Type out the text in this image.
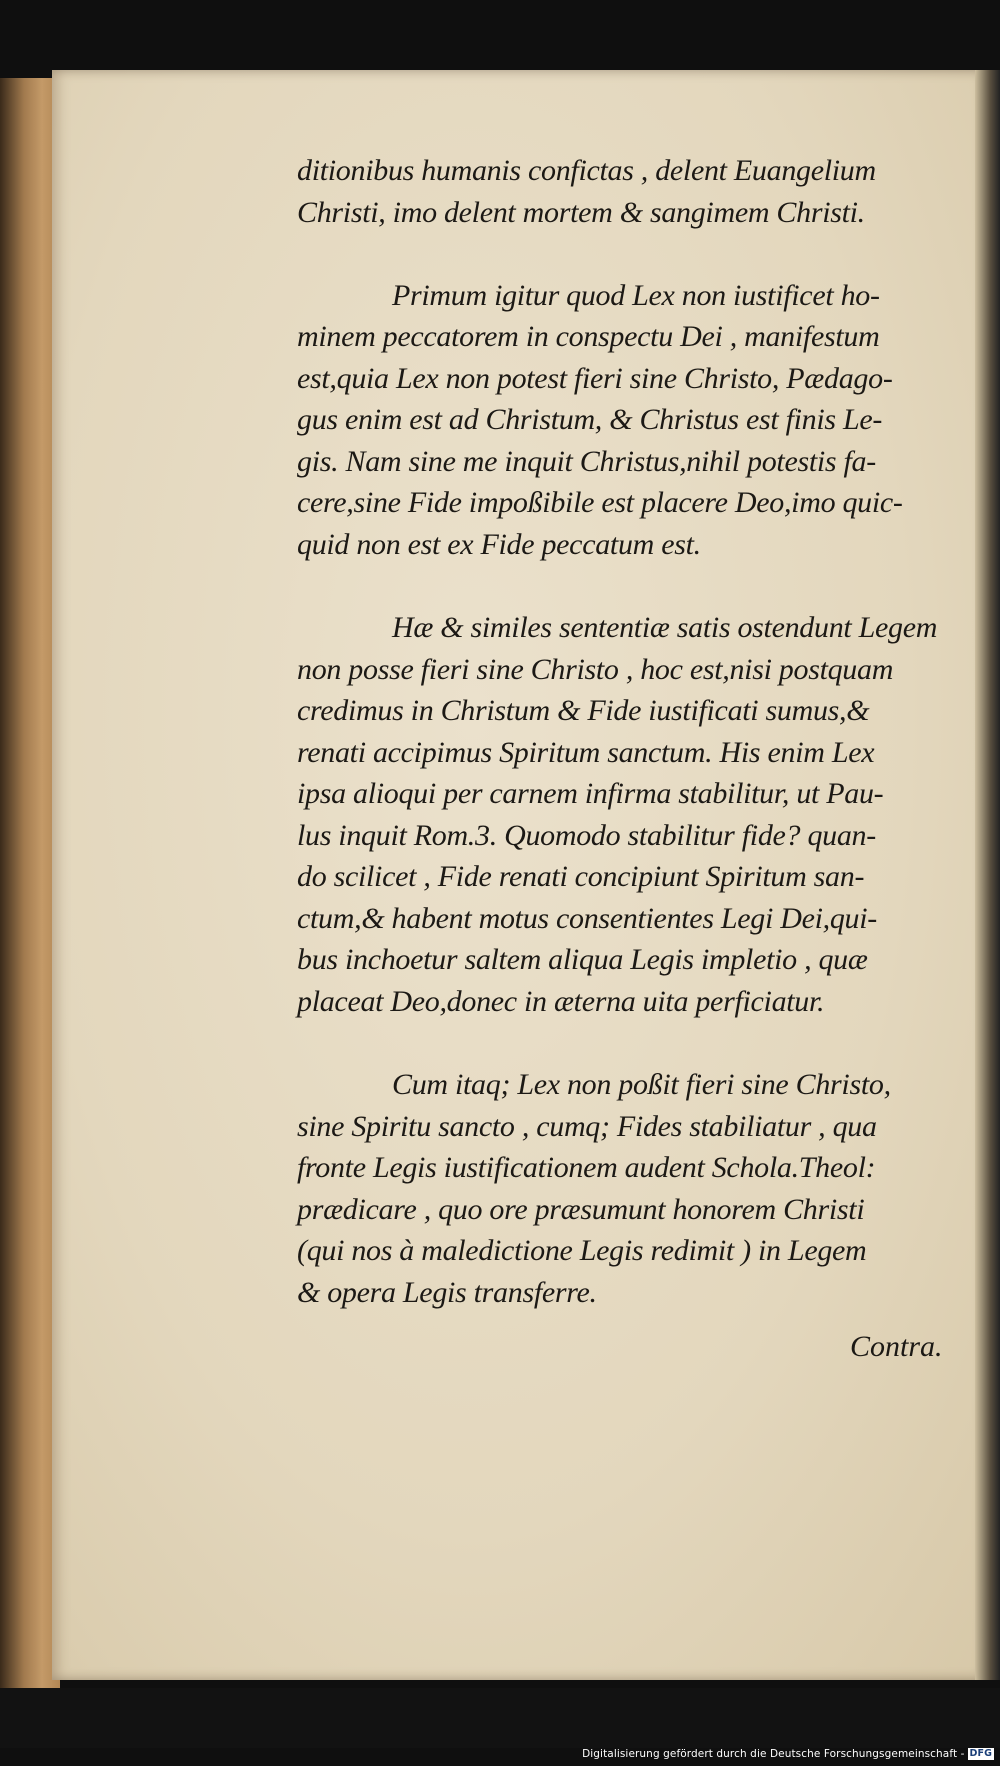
ditionibus humanis confictas , delent Euangelium
Christi, imo delent mortem & sangimem Christi.
Primum igitur quod Lex non iustificet ho-
minem peccatorem in conspectu Dei , manifestum
est,quia Lex non potest fieri sine Christo, Pædago-
gus enim est ad Christum, & Christus est finis Le-
gis. Nam sine me inquit Christus,nihil potestis fa-
cere,sine Fide impoßibile est placere Deo,imo quic-
quid non est ex Fide peccatum est.
Hæ & similes sententiæ satis ostendunt Legem
non posse fieri sine Christo , hoc est,nisi postquam
credimus in Christum & Fide iustificati sumus,&
renati accipimus Spiritum sanctum. His enim Lex
ipsa alioqui per carnem infirma stabilitur, ut Pau-
lus inquit Rom.3. Quomodo stabilitur fide? quan-
do scilicet , Fide renati concipiunt Spiritum san-
ctum,& habent motus consentientes Legi Dei,qui-
bus inchoetur saltem aliqua Legis impletio , quæ
placeat Deo,donec in æterna uita perficiatur.
Cum itaq; Lex non poßit fieri sine Christo,
sine Spiritu sancto , cumq; Fides stabiliatur , qua
fronte Legis iustificationem audent Schola.Theol:
prædicare , quo ore præsumunt honorem Christi
(qui nos à maledictione Legis redimit ) in Legem
& opera Legis transferre.
Contra.
Digitalisierung gefördert durch die Deutsche Forschungsgemeinschaft - DFG
